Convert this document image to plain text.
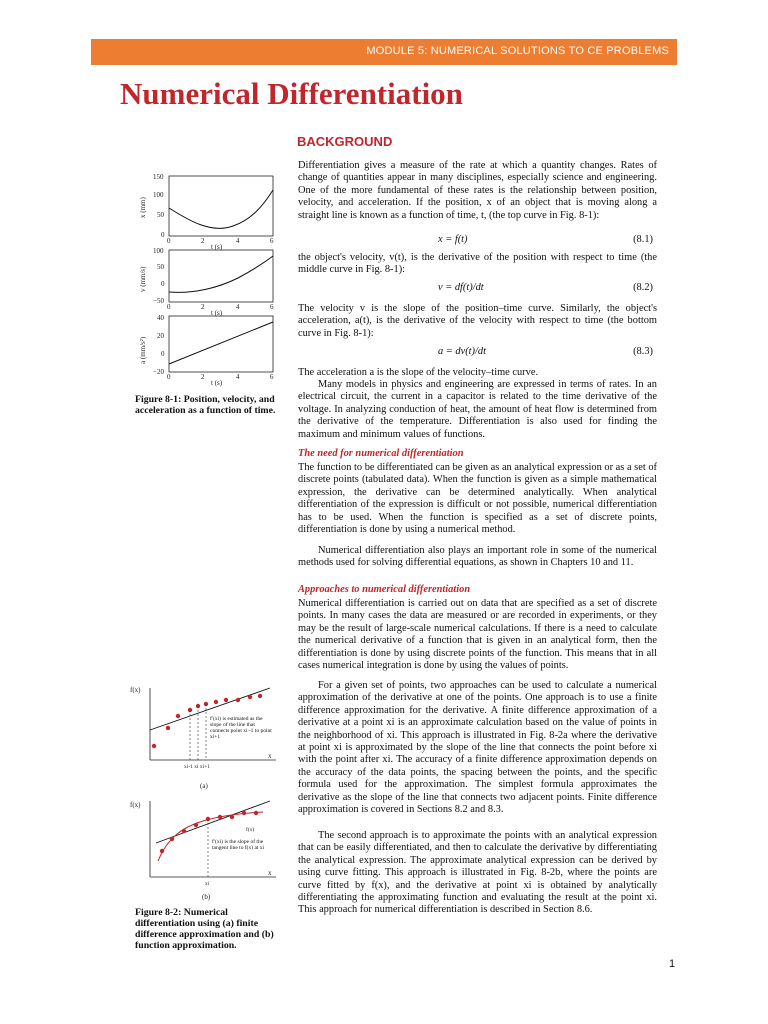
MODULE 5: NUMERICAL SOLUTIONS TO CE PROBLEMS
Numerical Differentiation
BACKGROUND

Differentiation gives a measure of the rate at which a quantity changes. Rates of change of quantities appear in many disciplines, especially science and engineering. One of the more fundamental of these rates is the relationship between position, velocity, and acceleration. If the position, x of an object that is moving along a straight line is known as a function of time, t, (the top curve in Fig. 8-1):

x = f(t)	(8.1)

the object's velocity, v(t), is the derivative of the position with respect to time (the middle curve in Fig. 8-1):

v = df(t)/dt	(8.2)

The velocity v is the slope of the position–time curve. Similarly, the object's acceleration, a(t), is the derivative of the velocity with respect to time (the bottom curve in Fig. 8-1):

a = dv(t)/dt	(8.3)

The acceleration a is the slope of the velocity–time curve.

Many models in physics and engineering are expressed in terms of rates. In an electrical circuit, the current in a capacitor is related to the time derivative of the voltage. In analyzing conduction of heat, the amount of heat flow is determined from the derivative of the temperature. Differentiation is also used for finding the maximum and minimum values of functions.

The need for numerical differentiation

The function to be differentiated can be given as an analytical expression or as a set of discrete points (tabulated data). When the function is given as a simple mathematical expression, the derivative can be determined analytically. When analytical differentiation of the expression is difficult or not possible, numerical differentiation has to be used. When the function is specified as a set of discrete points, differentiation is done by using a numerical method.

Numerical differentiation also plays an important role in some of the numerical methods used for solving differential equations, as shown in Chapters 10 and 11.

Approaches to numerical differentiation

Numerical differentiation is carried out on data that are specified as a set of discrete points. In many cases the data are measured or are recorded in experiments, or they may be the result of large-scale numerical calculations. If there is a need to calculate the numerical derivative of a function that is given in an analytical form, then the differentiation is done by using discrete points of the function. This means that in all cases numerical integration is done by using the values of points.

For a given set of points, two approaches can be used to calculate a numerical approximation of the derivative at one of the points. One approach is to use a finite difference approximation for the derivative. A finite difference approximation of a derivative at a point xi is an approximate calculation based on the value of points in the neighborhood of xi. This approach is illustrated in Fig. 8-2a where the derivative at point xi is approximated by the slope of the line that connects the point before xi with the point after xi. The accuracy of a finite difference approximation depends on the accuracy of the data points, the spacing between the points, and the specific formula used for the approximation. The simplest formula approximates the derivative as the slope of the line that connects two adjacent points. Finite difference approximation is covered in Sections 8.2 and 8.3.

The second approach is to approximate the points with an analytical expression that can be easily differentiated, and then to calculate the derivative by differentiating the analytical expression. The approximate analytical expression can be derived by using curve fitting. This approach is illustrated in Fig. 8-2b, where the points are curve fitted by f(x), and the derivative at point xi is obtained by analytically differentiating the approximating function and evaluating the result at the point xi. This approach for numerical differentiation is described in Section 8.6.

x (mm)
150
100
50
0
0	2	4	6
t (s)
v (mm/s)
100
50
0
−50
0	2	4	6
t (s)
a (mm/s²)
40
20
0
−20
0	2	4	6
t (s)
Figure 8-1: Position, velocity, and acceleration as a function of time.
f(x)
x
f′(xi) is estimated as the slope of the line that connects point xi−1 to point xi+1
xi-1 xi xi+1
(a)
f(x)
x
f(x)
f′(xi) is the slope of the tangent line to f(x) at xi
xi
(b)
Figure 8-2: Numerical differentiation using (a) finite difference approximation and (b) function approximation.
1
